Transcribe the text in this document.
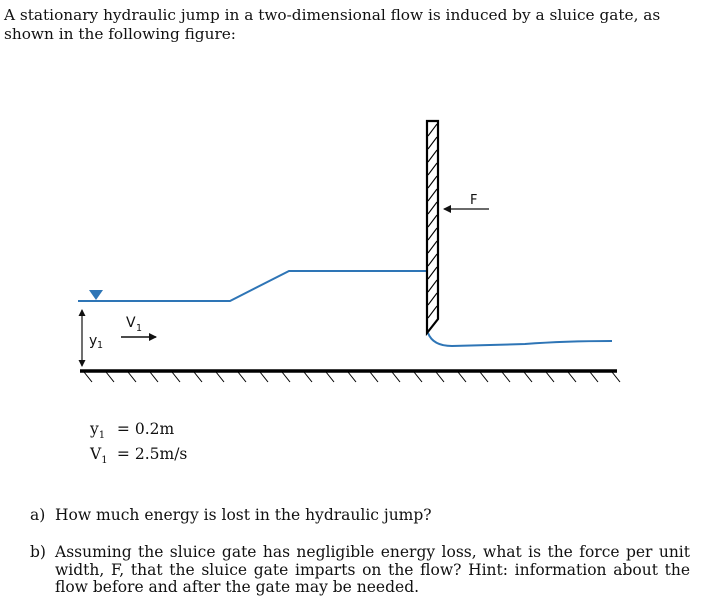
A stationary hydraulic jump in a two-dimensional flow is induced by a sluice gate, as shown in the following figure:
y 1
V 1
F
$y_1 = 0.2m$
$V_1 = 2.5m/s$
a) How much energy is lost in the hydraulic jump?
b) Assuming the sluice gate has negligible energy loss, what is the force per unit width, F, that the sluice gate imparts on the flow? Hint: information about the flow before and after the gate may be needed.
